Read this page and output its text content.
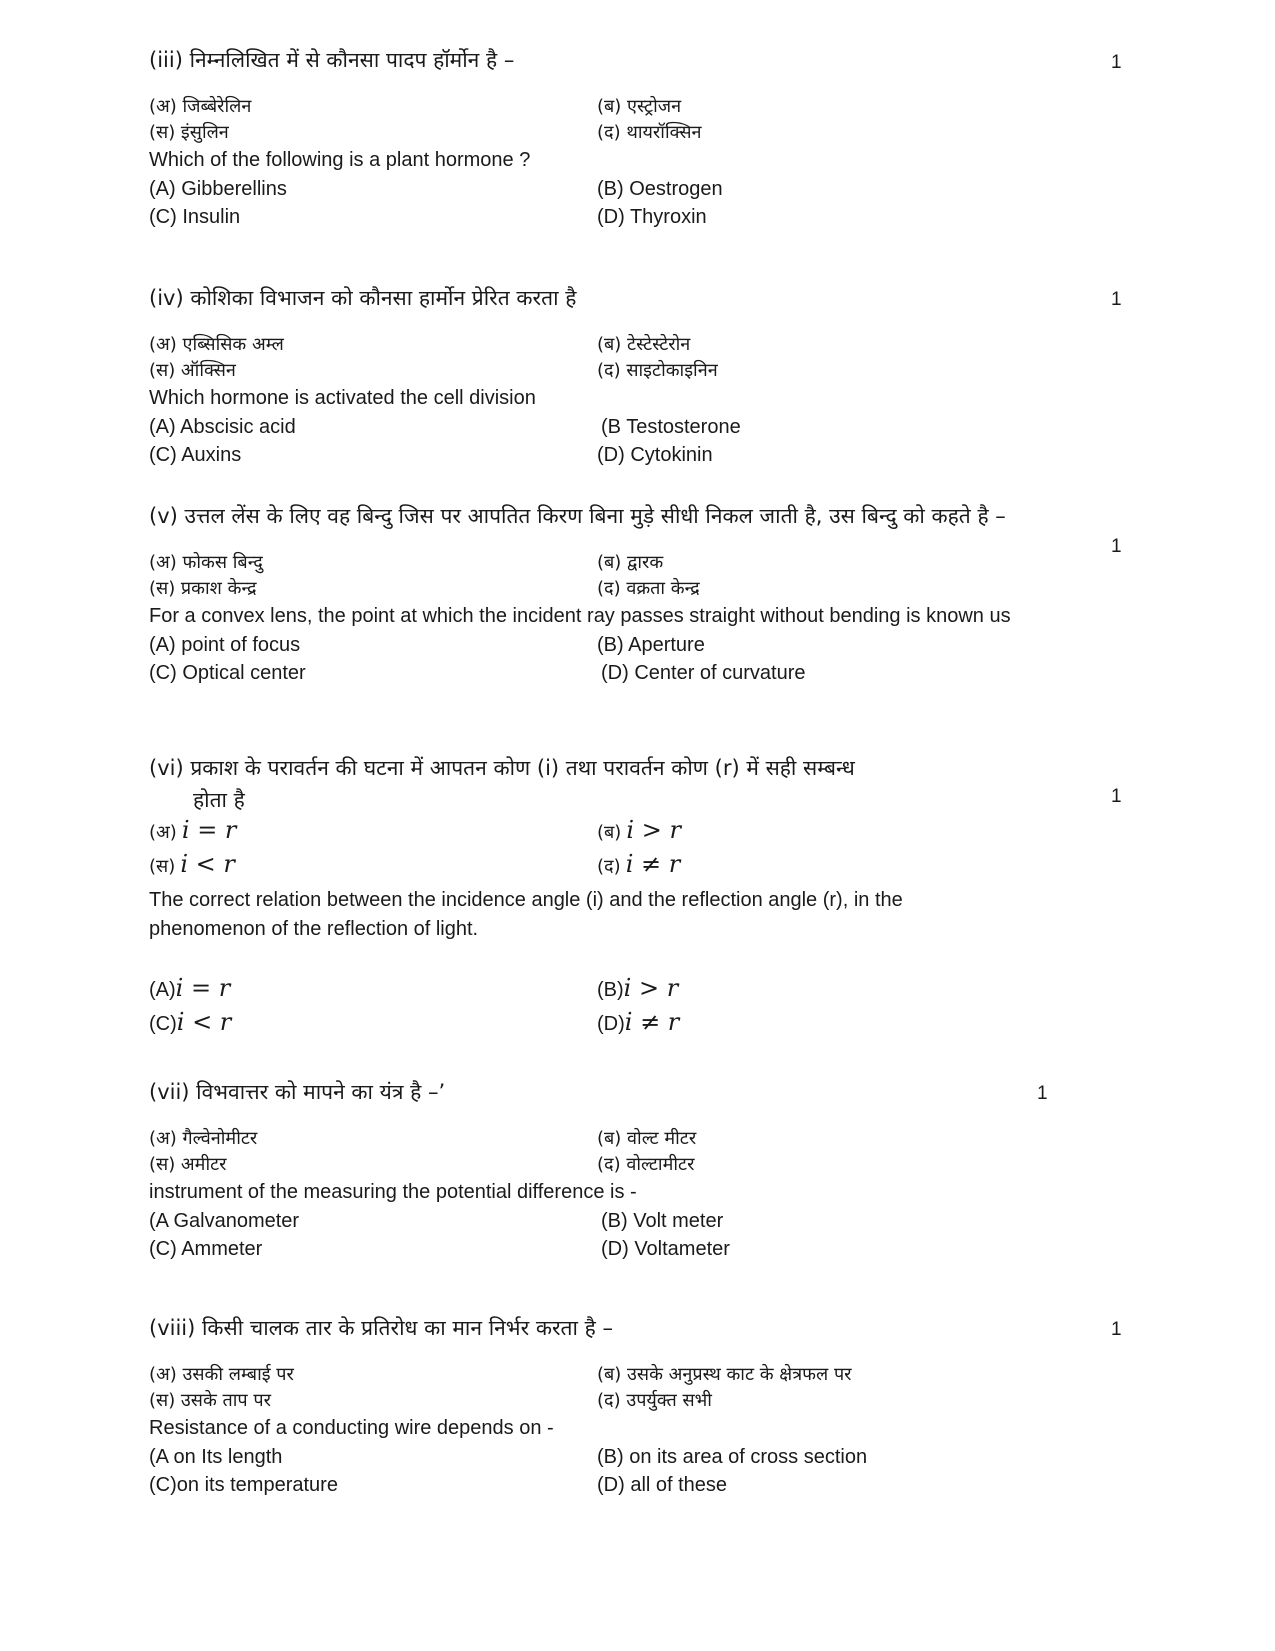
(iii) निम्नलिखित में से कौनसा पादप हॉर्मोन है –

(अ) जिब्बेरेलिन	(ब) एस्ट्रोजन
(स) इंसुलिन	(द) थायरॉक्सिन

Which of the following is a plant hormone ?

(A) Gibberellins	(B) Oestrogen
(C) Insulin	(D) Thyroxin
1

(iv) कोशिका विभाजन को कौनसा हार्मोन प्रेरित करता है

(अ) एब्सिसिक अम्ल	(ब) टेस्टेस्टेरोन
(स) ऑक्सिन	(द) साइटोकाइनिन

Which hormone is activated the cell division

(A) Abscisic acid	(B Testosterone
(C) Auxins	(D) Cytokinin
1

(v) उत्तल लेंस के लिए वह बिन्दु जिस पर आपतित किरण बिना मुड़े सीधी निकल जाती है, उस बिन्दु को कहते है –

(अ) फोकस बिन्दु	(ब) द्वारक
(स) प्रकाश केन्द्र	(द) वक्रता केन्द्र

For a convex lens, the point at which the incident ray passes straight without bending is known us

(A) point of focus	(B) Aperture
(C) Optical center	(D) Center of curvature
1

(vi) प्रकाश के परावर्तन की घटना में आपतन कोण (i) तथा परावर्तन कोण (r) में सही सम्बन्ध

होता है

(अ) i = r	(ब) i > r
(स) i < r	(द) i ≠ r

The correct relation between the incidence angle (i) and the reflection angle (r), in the

phenomenon of the reflection of light.

(A)i = r	(B)i > r
(C)i < r	(D)i ≠ r
1

(vii) विभवात्तर को मापने का यंत्र है –’

(अ) गैल्वेनोमीटर	(ब) वोल्ट मीटर
(स) अमीटर	(द) वोल्टामीटर

instrument of the measuring the potential difference is -

(A Galvanometer	(B) Volt meter
(C) Ammeter	(D) Voltameter
1

(viii) किसी चालक तार के प्रतिरोध का मान निर्भर करता है –

(अ) उसकी लम्बाई पर	(ब) उसके अनुप्रस्थ काट के क्षेत्रफल पर
(स) उसके ताप पर	(द) उपर्युक्त सभी

Resistance of a conducting wire depends on -

(A on Its length	(B) on its area of cross section
(C)on its temperature	(D) all of these
1
